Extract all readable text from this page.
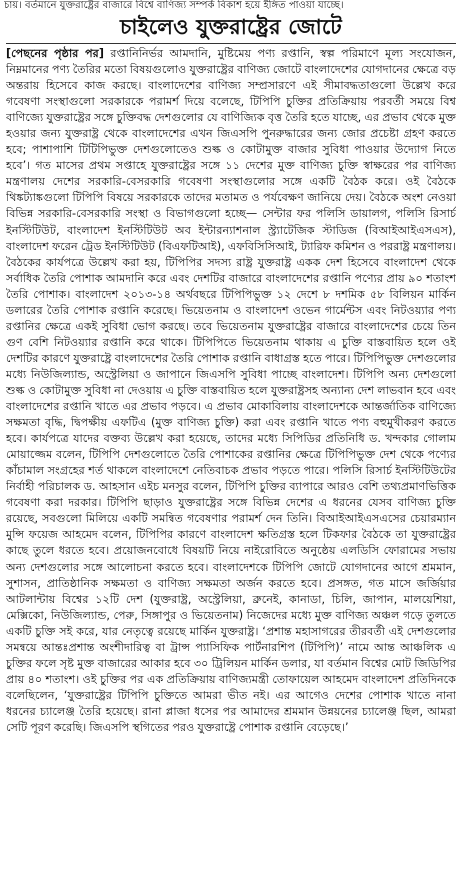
চায়। বর্তমানে যুক্তরাষ্ট্রের বাজারে বিশ্বে বাণিজ্য সম্পর্ক বিকাশ হয়ে ইঙ্গিত পাওয়া যাচ্ছে।
চাইলেও যুক্তরাষ্ট্রের জোটে
[পেছনের পৃষ্ঠার পর] রপ্তানিনির্ভর আমদানি, মুষ্টিমেয় পণ্য রপ্তানি, স্বল্প পরিমাণে মূল্য সংযোজন, নিম্নমানের পণ্য তৈরির মতো বিষয়গুলোও যুক্তরাষ্ট্রের বাণিজ্য জোটে বাংলাদেশের যোগদানের ক্ষেত্রে বড় অন্তরায় হিসেবে কাজ করছে। বাংলাদেশের বাণিজ্য সম্প্রসারণে এই সীমাবদ্ধতাগুলো উল্লেখ করে গবেষণা সংস্থাগুলো সরকারকে পরামর্শ দিয়ে বলেছে, টিপিপি চুক্তির প্রতিক্রিয়ায় পরবর্তী সময়ে বিশ্ব বাণিজ্যে যুক্তরাষ্ট্রের সঙ্গে চুক্তিবদ্ধ দেশগুলোর যে বাণিজ্যিক বৃত্ত তৈরি হতে যাচ্ছে, এর প্রভাব থেকে মুক্ত হওয়ার জন্য যুক্তরাষ্ট্র থেকে বাংলাদেশের এখন জিএসপি পুনরুদ্ধারের জন্য জোর প্রচেষ্টা গ্রহণ করতে হবে; পাশাপাশি টিটিপিভুক্ত দেশগুলোতেও শুল্ক ও কোটামুক্ত বাজার সুবিধা পাওয়ার উদ্যোগ নিতে হবে’। গত মাসের প্রথম সপ্তাহে যুক্তরাষ্ট্রের সঙ্গে ১১ দেশের মুক্ত বাণিজ্য চুক্তি স্বাক্ষরের পর বাণিজ্য মন্ত্রণালয় দেশের সরকারি-বেসরকারি গবেষণা সংস্থাগুলোর সঙ্গে একটি বৈঠক করে। ওই বৈঠকে থিঙ্কট্যাঙ্কগুলো টিপিপি বিষয়ে সরকারকে তাদের মতামত ও পর্যবেক্ষণ জানিয়ে দেয়। বৈঠকে অংশ নেওয়া বিভিন্ন সরকারি-বেসরকারি সংস্থা ও বিভাগগুলো হচ্ছে— সেন্টার ফর পলিসি ডায়ালগ, পলিসি রিসার্চ ইনস্টিটিউট, বাংলাদেশ ইনস্টিটিউট অব ইন্টারন্যাশনাল স্ট্র্যাটেজিক স্টাডিজ (বিআইআইএসএস), বাংলাদেশ ফরেন ট্রেড ইনস্টিটিউট (বিএফটিআই), এফবিসিসিআই, ট্যারিফ কমিশন ও পররাষ্ট্র মন্ত্রণালয়। বৈঠকের কার্যপত্রে উল্লেখ করা হয়, টিপিপির সদস্য রাষ্ট্র যুক্তরাষ্ট্র একক দেশ হিসেবে বাংলাদেশ থেকে সর্বাধিক তৈরি পোশাক আমদানি করে এবং দেশটির বাজারে বাংলাদেশের রপ্তানি পণ্যের প্রায় ৯০ শতাংশ তৈরি পোশাক। বাংলাদেশ ২০১৩-১৪ অর্থবছরে টিপিপিভুক্ত ১২ দেশে ৮ দশমিক ৫৮ বিলিয়ন মার্কিন ডলারের তৈরি পোশাক রপ্তানি করেছে। ভিয়েতনাম ও বাংলাদেশ ওভেন গার্মেন্টস এবং নিটওয়্যার পণ্য রপ্তানির ক্ষেত্রে একই সুবিধা ভোগ করছে। তবে ভিয়েতনাম যুক্তরাষ্ট্রের বাজারে বাংলাদেশের চেয়ে তিন গুণ বেশি নিটওয়্যার রপ্তানি করে থাকে। টিপিপিতে ভিয়েতনাম থাকায় এ চুক্তি বাস্তবায়িত হলে ওই দেশটির কারণে যুক্তরাষ্ট্রে বাংলাদেশের তৈরি পোশাক রপ্তানি বাধাগ্রস্ত হতে পারে। টিপিপিভুক্ত দেশগুলোর মধ্যে নিউজিল্যান্ড, অস্ট্রেলিয়া ও জাপানে জিএসপি সুবিধা পাচ্ছে বাংলাদেশ। টিপিপি অন্য দেশগুলো শুল্ক ও কোটামুক্ত সুবিধা না দেওয়ায় এ চুক্তি বাস্তবায়িত হলে যুক্তরাষ্ট্রসহ অন্যান্য দেশ লাভবান হবে এবং বাংলাদেশের রপ্তানি খাতে এর প্রভাব পড়বে। এ প্রভাব মোকাবিলায় বাংলাদেশকে আন্তর্জাতিক বাণিজ্যে সক্ষমতা বৃদ্ধি, দ্বিপক্ষীয় এফটিএ (মুক্ত বাণিজ্য চুক্তি) করা এবং রপ্তানি খাতে পণ্য বহুমুখীকরণ করতে হবে। কার্যপত্রে যাদের বক্তব্য উল্লেখ করা হয়েছে, তাদের মধ্যে সিপিডির প্রতিনিধি ড. খন্দকার গোলাম মোয়াজ্জেম বলেন, টিপিপি দেশগুলোতে তৈরি পোশাকের রপ্তানির ক্ষেত্রে টিপিপিভুক্ত দেশ থেকে পণ্যের কাঁচামাল সংগ্রহের শর্ত থাকলে বাংলাদেশে নেতিবাচক প্রভাব পড়তে পারে। পলিসি রিসার্চ ইনস্টিটিউটের নির্বাহী পরিচালক ড. আহসান এইচ মনসুর বলেন, টিপিপি চুক্তির ব্যাপারে আরও বেশি তথ্যপ্রমাণভিত্তিক গবেষণা করা দরকার। টিপিপি ছাড়াও যুক্তরাষ্ট্রের সঙ্গে বিভিন্ন দেশের এ ধরনের যেসব বাণিজ্য চুক্তি রয়েছে, সবগুলো মিলিয়ে একটি সমন্বিত গবেষণার পরামর্শ দেন তিনি। বিআইআইএসএসের চেয়ারম্যান মুন্সি ফয়েজ আহমেদ বলেন, টিপিপির কারণে বাংলাদেশ ক্ষতিগ্রস্ত হলে টিকফার বৈঠকে তা যুক্তরাষ্ট্রের কাছে তুলে ধরতে হবে। প্রয়োজনবোধে বিষয়টি নিয়ে নাইরোবিতে অনুষ্ঠেয় এলডিসি ফোরামের সভায় অন্য দেশগুলোর সঙ্গে আলোচনা করতে হবে। বাংলাদেশকে টিপিপি জোটে যোগদানের আগে শ্রমমান, সুশাসন, প্রাতিষ্ঠানিক সক্ষমতা ও বাণিজ্য সক্ষমতা অর্জন করতে হবে। প্রসঙ্গত, গত মাসে জর্জিয়ার আটলান্টায় বিশ্বের ১২টি দেশ (যুক্তরাষ্ট্র, অস্ট্রেলিয়া, ব্রুনেই, কানাডা, চিলি, জাপান, মালয়েশিয়া, মেক্সিকো, নিউজিল্যান্ড, পেরু, সিঙ্গাপুর ও ভিয়েতনাম) নিজেদের মধ্যে মুক্ত বাণিজ্য অঞ্চল গড়ে তুলতে একটি চুক্তি সই করে, যার নেতৃত্বে রয়েছে মার্কিন যুক্তরাষ্ট্র। ‘প্রশান্ত মহাসাগরের তীরবর্তী এই দেশগুলোর সমন্বয়ে আন্তঃপ্রশান্ত অংশীদারিত্ব বা ট্রান্স প্যাসিফিক পার্টনারশিপ (টিপিপি)’ নামে আন্ত আঞ্চলিক এ চুক্তির ফলে সৃষ্ট মুক্ত বাজারের আকার হবে ৩০ ট্রিলিয়ন মার্কিন ডলার, যা বর্তমান বিশ্বের মোট জিডিপির প্রায় ৪০ শতাংশ। ওই চুক্তির পর এক প্রতিক্রিয়ায় বাণিজ্যমন্ত্রী তোফায়েল আহমেদ বাংলাদেশ প্রতিদিনকে বলেছিলেন, ‘যুক্তরাষ্ট্রের টিপিপি চুক্তিতে আমরা ভীত নই। এর আগেও দেশের পোশাক খাতে নানা ধরনের চ্যালেঞ্জ তৈরি হয়েছে। রানা প্লাজা ধসের পর আমাদের শ্রমমান উন্নয়নের চ্যালেঞ্জ ছিল, আমরা সেটি পূরণ করেছি। জিএসপি স্থগিতের পরও যুক্তরাষ্ট্রে পোশাক রপ্তানি বেড়েছে।’
